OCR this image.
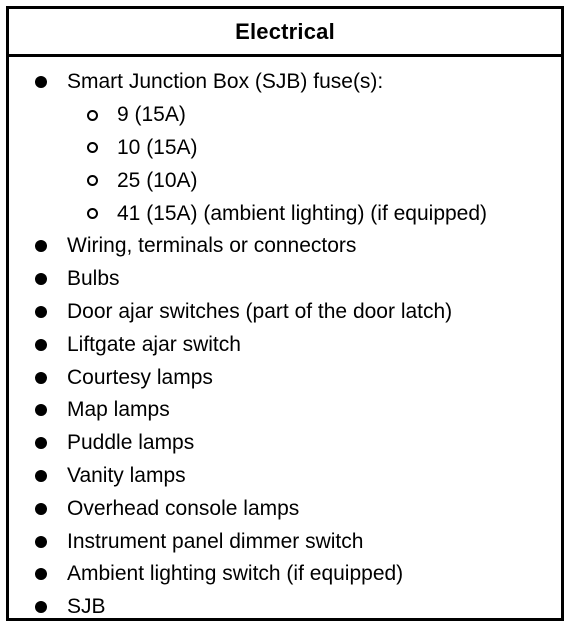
Electrical
Smart Junction Box (SJB) fuse(s):
9 (15A)
10 (15A)
25 (10A)
41 (15A) (ambient lighting) (if equipped)
Wiring, terminals or connectors
Bulbs
Door ajar switches (part of the door latch)
Liftgate ajar switch
Courtesy lamps
Map lamps
Puddle lamps
Vanity lamps
Overhead console lamps
Instrument panel dimmer switch
Ambient lighting switch (if equipped)
SJB
